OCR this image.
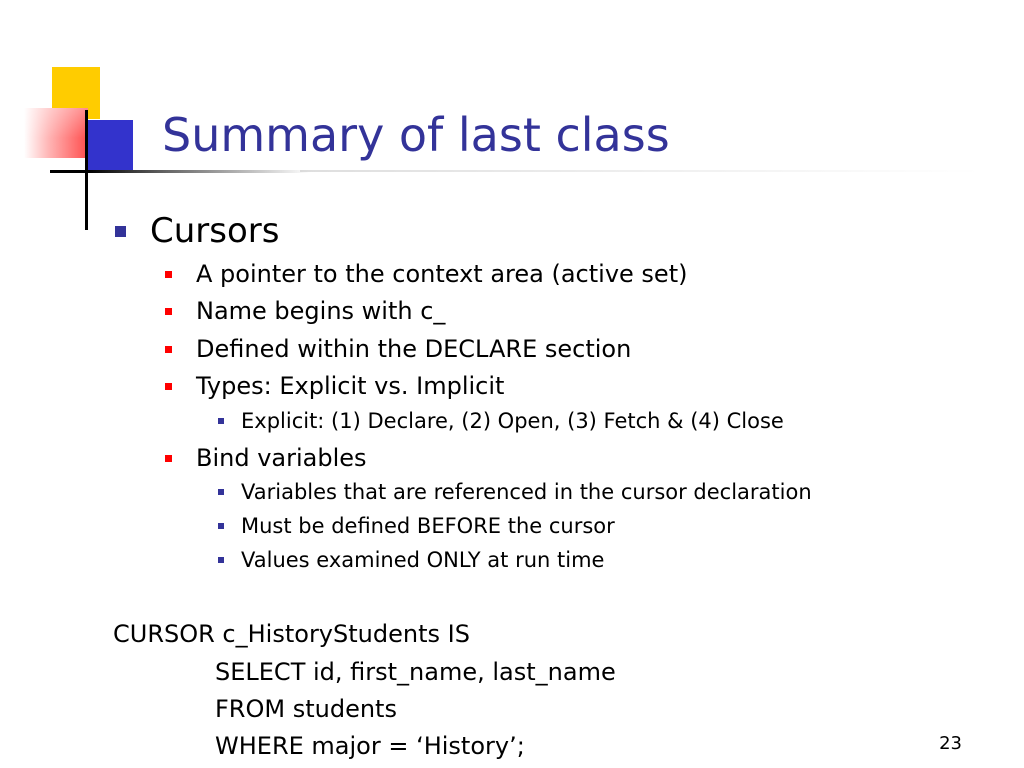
Summary of last class
Cursors
A pointer to the context area (active set)
Name begins with c_
Defined within the DECLARE section
Types: Explicit vs. Implicit
Explicit: (1) Declare, (2) Open, (3) Fetch & (4) Close
Bind variables
Variables that are referenced in the cursor declaration
Must be defined BEFORE the cursor
Values examined ONLY at run time
CURSOR c_HistoryStudents IS
SELECT id, first_name, last_name
FROM students
WHERE major = ‘History’;	23
